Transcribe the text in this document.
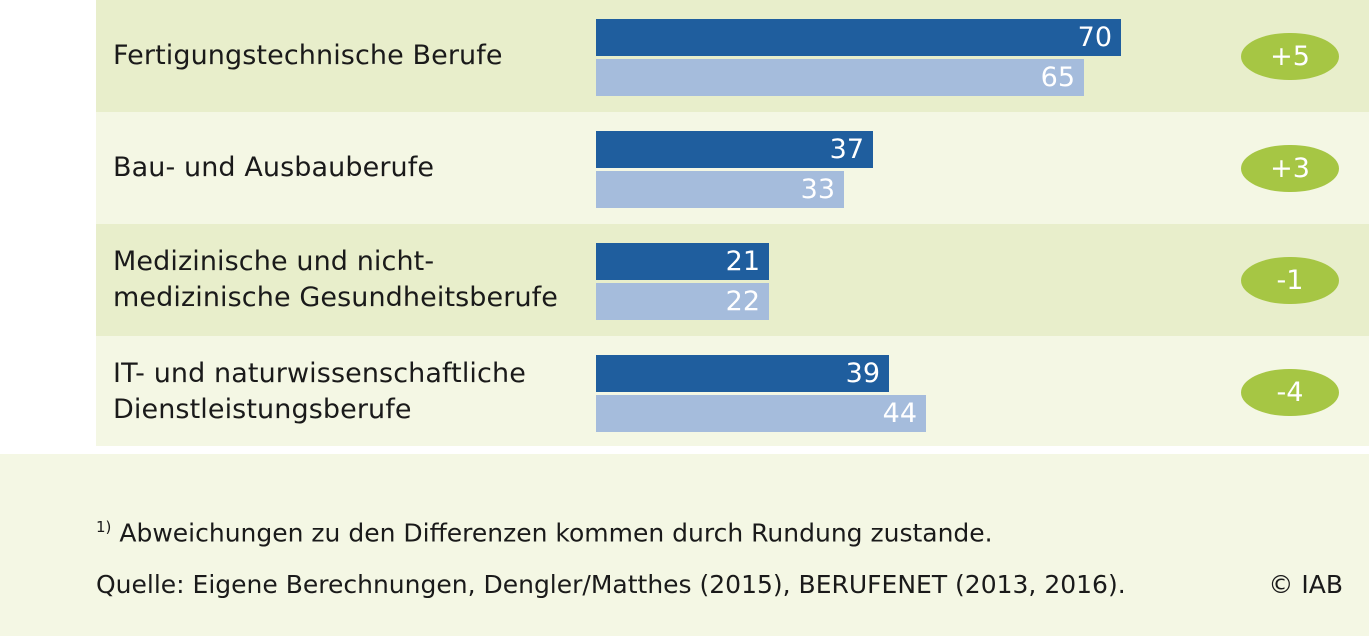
Fertigungstechnische Berufe
70
65
+5
Bau- und Ausbauberufe
37
33
+3
Medizinische und nicht-
medizinische Gesundheitsberufe
21
22
-1
IT- und naturwissenschaftliche
Dienstleistungsberufe
39
44
-4
$^{1)}$ Abweichungen zu den Differenzen kommen durch Rundung zustande.
Quelle: Eigene Berechnungen, Dengler/Matthes (2015), BERUFENET (2013, 2016).	© IAB
